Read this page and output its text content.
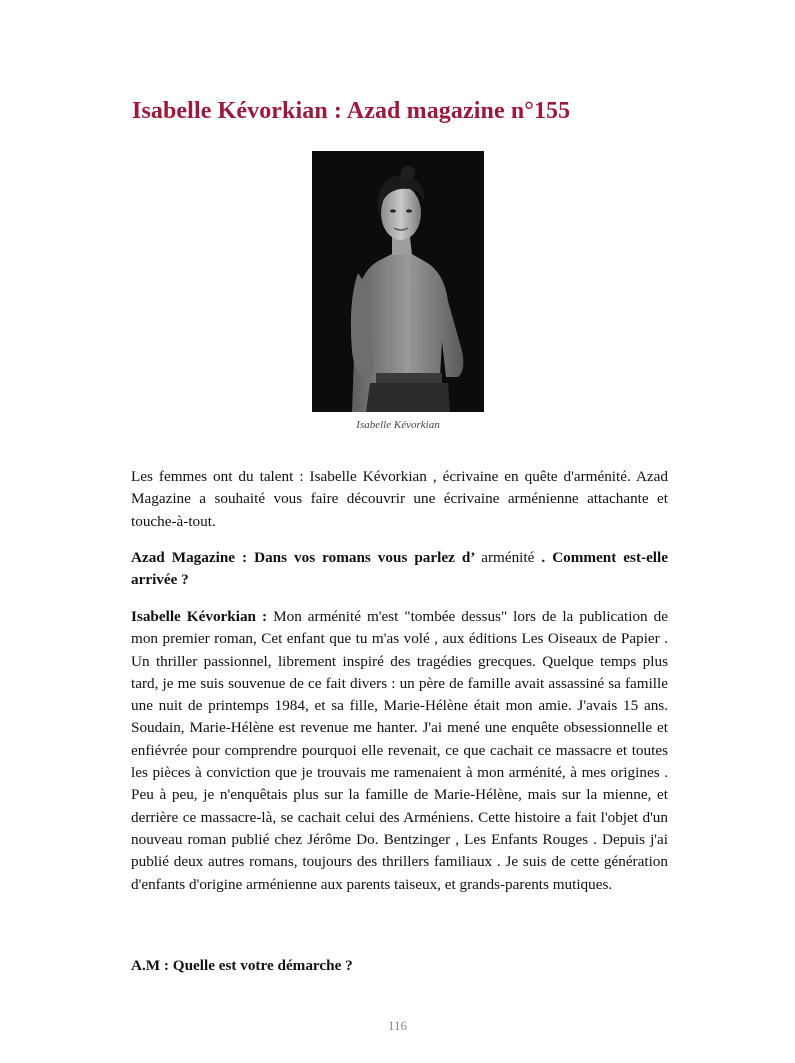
Isabelle Kévorkian : Azad magazine n°155
Isabelle Kévorkian

Les femmes ont du talent : Isabelle Kévorkian , écrivaine en quête d'arménité. Azad Magazine a souhaité vous faire découvrir une écrivaine arménienne attachante et touche-à-tout.

Azad Magazine : Dans vos romans vous parlez d’ arménité . Comment est-elle arrivée ?

Isabelle Kévorkian : Mon arménité m'est "tombée dessus" lors de la publication de mon premier roman, Cet enfant que tu m'as volé , aux éditions Les Oiseaux de Papier . Un thriller passionnel, librement inspiré des tragédies grecques. Quelque temps plus tard, je me suis souvenue de ce fait divers : un père de famille avait assassiné sa famille une nuit de printemps 1984, et sa fille, Marie-Hélène était mon amie. J'avais 15 ans. Soudain, Marie-Hélène est revenue me hanter. J'ai mené une enquête obsessionnelle et enfiévrée pour comprendre pourquoi elle revenait, ce que cachait ce massacre et toutes les pièces à conviction que je trouvais me ramenaient à mon arménité, à mes origines . Peu à peu, je n'enquêtais plus sur la famille de Marie-Hélène, mais sur la mienne, et derrière ce massacre-là, se cachait celui des Arméniens. Cette histoire a fait l'objet d'un nouveau roman publié chez Jérôme Do. Bentzinger , Les Enfants Rouges . Depuis j'ai publié deux autres romans, toujours des thrillers familiaux . Je suis de cette génération d'enfants d'origine arménienne aux parents taiseux, et grands-parents mutiques.

A.M : Quelle est votre démarche ?

116
